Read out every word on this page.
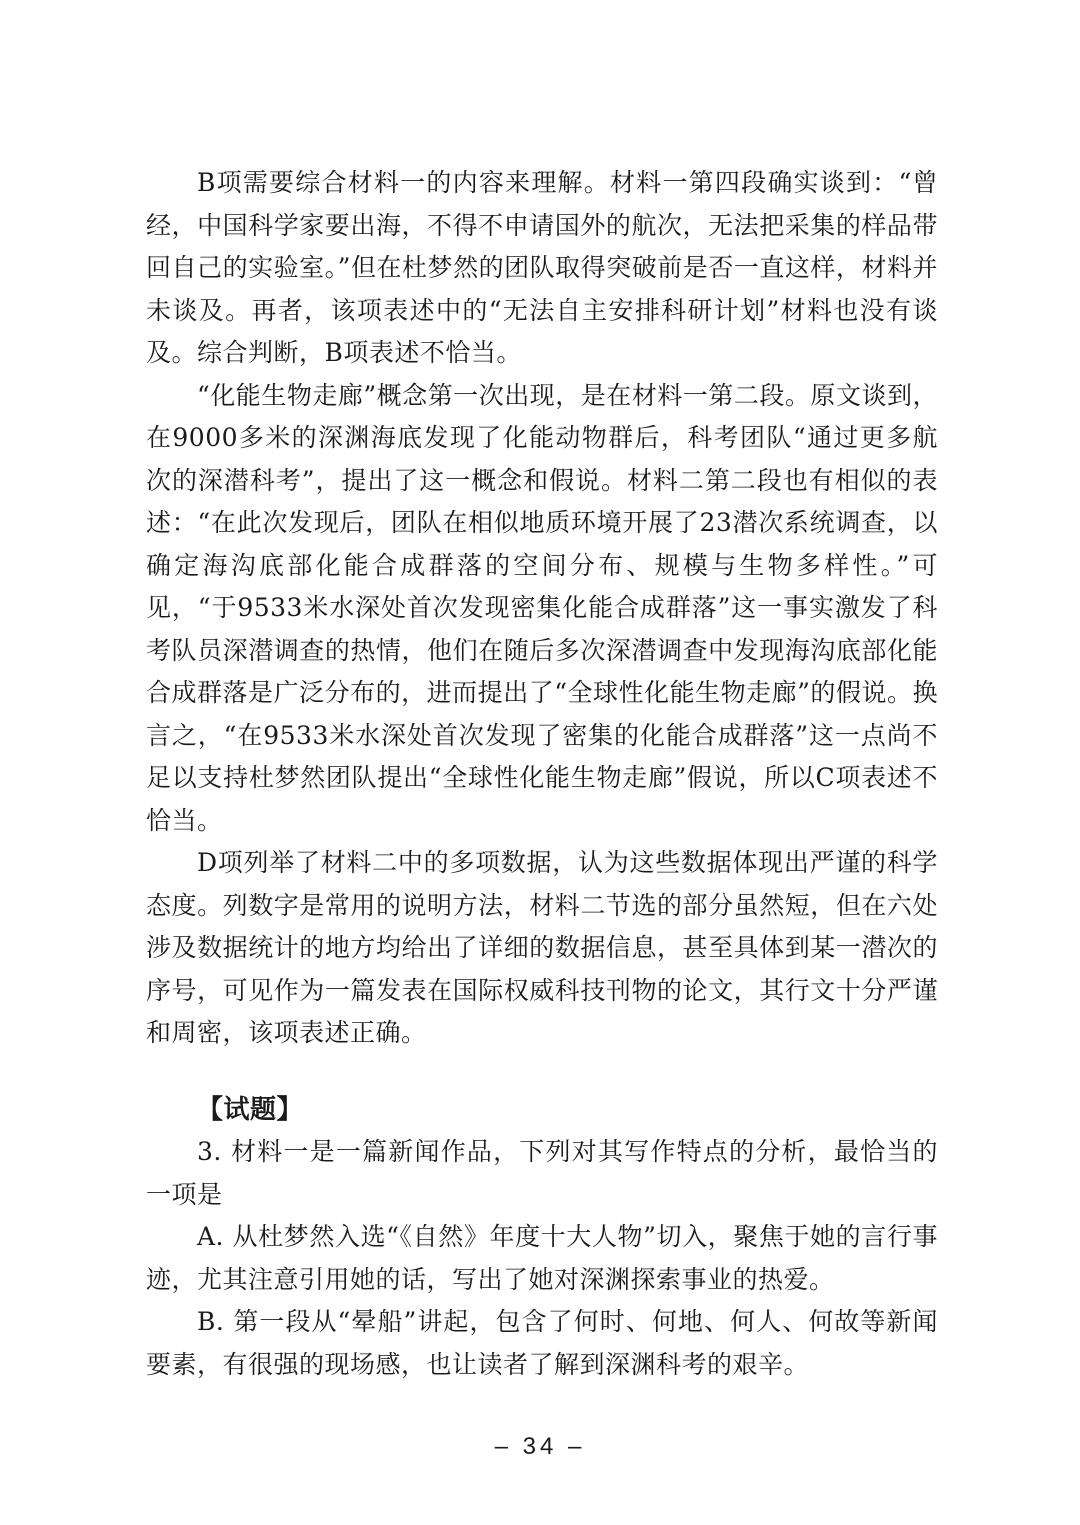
B项需要综合材料一的内容来理解。材料一第四段确实谈到：“曾经，中国科学家要出海，不得不申请国外的航次，无法把采集的样品带回自己的实验室。”但在杜梦然的团队取得突破前是否一直这样，材料并未谈及。再者，该项表述中的“无法自主安排科研计划”材料也没有谈及。综合判断，B项表述不恰当。

“化能生物走廊”概念第一次出现，是在材料一第二段。原文谈到，在9000多米的深渊海底发现了化能动物群后，科考团队“通过更多航次的深潜科考”，提出了这一概念和假说。材料二第二段也有相似的表述：“在此次发现后，团队在相似地质环境开展了23潜次系统调查，以确定海沟底部化能合成群落的空间分布、规模与生物多样性。”可见，“于9533米水深处首次发现密集化能合成群落”这一事实激发了科考队员深潜调查的热情，他们在随后多次深潜调查中发现海沟底部化能合成群落是广泛分布的，进而提出了“全球性化能生物走廊”的假说。换言之，“在9533米水深处首次发现了密集的化能合成群落”这一点尚不足以支持杜梦然团队提出“全球性化能生物走廊”假说，所以C项表述不恰当。

D项列举了材料二中的多项数据，认为这些数据体现出严谨的科学态度。列数字是常用的说明方法，材料二节选的部分虽然短，但在六处涉及数据统计的地方均给出了详细的数据信息，甚至具体到某一潜次的序号，可见作为一篇发表在国际权威科技刊物的论文，其行文十分严谨和周密，该项表述正确。

【试题】

3. 材料一是一篇新闻作品，下列对其写作特点的分析，最恰当的一项是

A. 从杜梦然入选“《自然》年度十大人物”切入，聚焦于她的言行事迹，尤其注意引用她的话，写出了她对深渊探索事业的热爱。

B. 第一段从“晕船”讲起，包含了何时、何地、何人、何故等新闻要素，有很强的现场感，也让读者了解到深渊科考的艰辛。

– 34 –
